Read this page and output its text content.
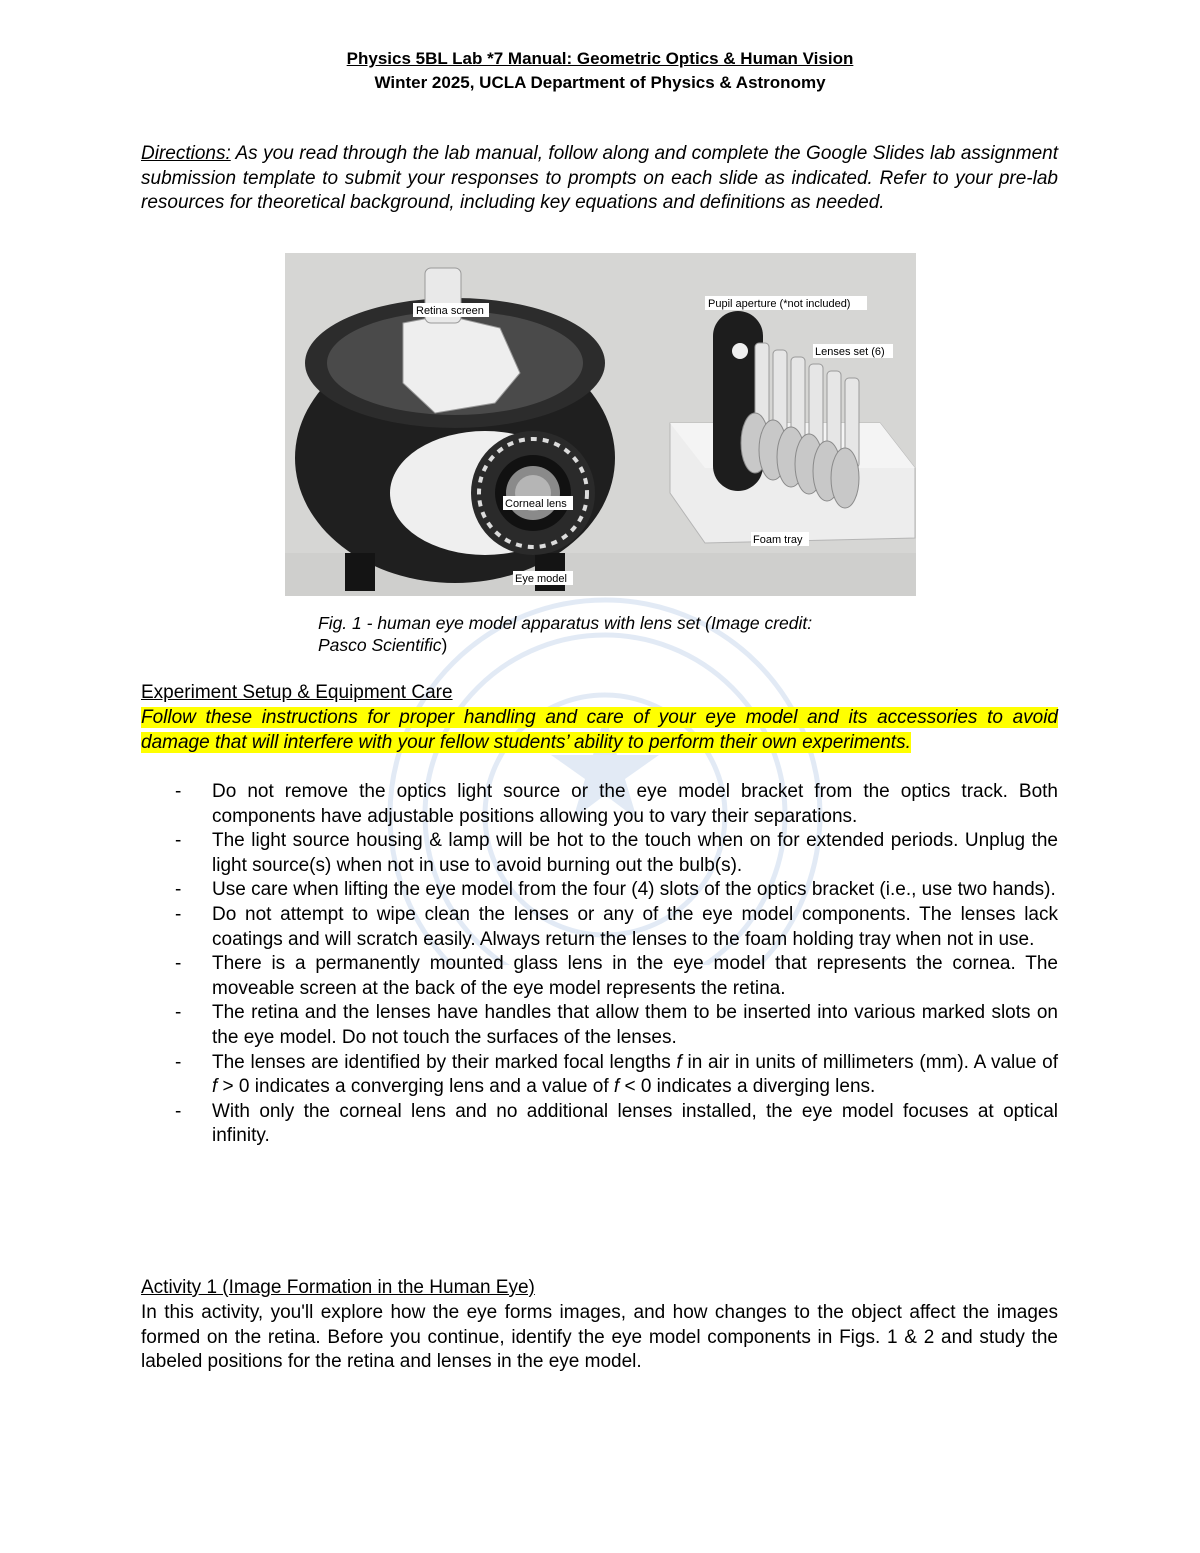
Physics 5BL Lab *7 Manual: Geometric Optics & Human Vision
Winter 2025, UCLA Department of Physics & Astronomy
Directions: As you read through the lab manual, follow along and complete the Google Slides lab assignment submission template to submit your responses to prompts on each slide as indicated. Refer to your pre-lab resources for theoretical background, including key equations and definitions as needed.
Retina screen
Pupil aperture (*not included)
Lenses set (6)
Corneal lens
Foam tray
Eye model
Fig. 1 - human eye model apparatus with lens set (Image credit:
Pasco Scientific)
Experiment Setup & Equipment Care
Follow these instructions for proper handling and care of your eye model and its accessories to avoid damage that will interfere with your fellow students’ ability to perform their own experiments.
- Do not remove the optics light source or the eye model bracket from the optics track. Both components have adjustable positions allowing you to vary their separations.
- The light source housing & lamp will be hot to the touch when on for extended periods. Unplug the light source(s) when not in use to avoid burning out the bulb(s).
- Use care when lifting the eye model from the four (4) slots of the optics bracket (i.e., use two hands).
- Do not attempt to wipe clean the lenses or any of the eye model components. The lenses lack coatings and will scratch easily. Always return the lenses to the foam holding tray when not in use.
- There is a permanently mounted glass lens in the eye model that represents the cornea. The moveable screen at the back of the eye model represents the retina.
- The retina and the lenses have handles that allow them to be inserted into various marked slots on the eye model. Do not touch the surfaces of the lenses.
- The lenses are identified by their marked focal lengths f in air in units of millimeters (mm). A value of f > 0 indicates a converging lens and a value of f < 0 indicates a diverging lens.
- With only the corneal lens and no additional lenses installed, the eye model focuses at optical infinity.
Activity 1 (Image Formation in the Human Eye)
In this activity, you'll explore how the eye forms images, and how changes to the object affect the images formed on the retina. Before you continue, identify the eye model components in Figs. 1 & 2 and study the labeled positions for the retina and lenses in the eye model.
